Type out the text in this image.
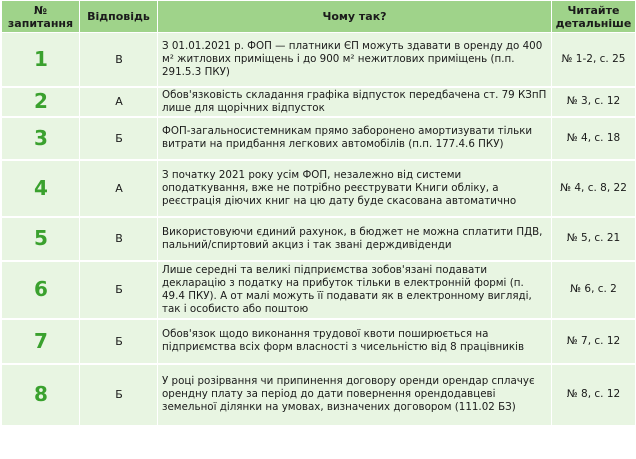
№ запитання	Відповідь	Чому так?	Читайте детальніше
1	В	З 01.01.2021 р. ФОП — платники ЄП можуть здавати в оренду до 400 м² житлових приміщень і до 900 м² нежитлових приміщень (п.п. 291.5.3 ПКУ)	№ 1-2, с. 25
2	А	Обов'язковість складання графіка відпусток передбачена ст. 79 КЗпП лише для щорічних відпусток	№ 3, с. 12
3	Б	ФОП-загальносистемникам прямо заборонено амортизувати тільки витрати на придбання легкових автомобілів (п.п. 177.4.6 ПКУ)	№ 4, с. 18
4	А	З початку 2021 року усім ФОП, незалежно від системи оподаткування, вже не потрібно реєструвати Книги обліку, а реєстрація діючих книг на цю дату буде скасована автоматично	№ 4, с. 8, 22
5	В	Використовуючи єдиний рахунок, в бюджет не можна сплатити ПДВ, пальний/спиртовий акциз і так звані держдивіденди	№ 5, с. 21
6	Б	Лише середні та великі підприємства зобов'язані подавати декларацію з податку на прибуток тільки в електронній формі (п. 49.4 ПКУ). А от малі можуть її подавати як в електронному вигляді, так і особисто або поштою	№ 6, с. 2
7	Б	Обов'язок щодо виконання трудової квоти поширюється на підприємства всіх форм власності з чисельністю від 8 працівників	№ 7, с. 12
8	Б	У році розірвання чи припинення договору оренди орендар сплачує орендну плату за період до дати повернення орендодавцеві земельної ділянки на умовах, визначених договором (111.02 БЗ)	№ 8, с. 12
